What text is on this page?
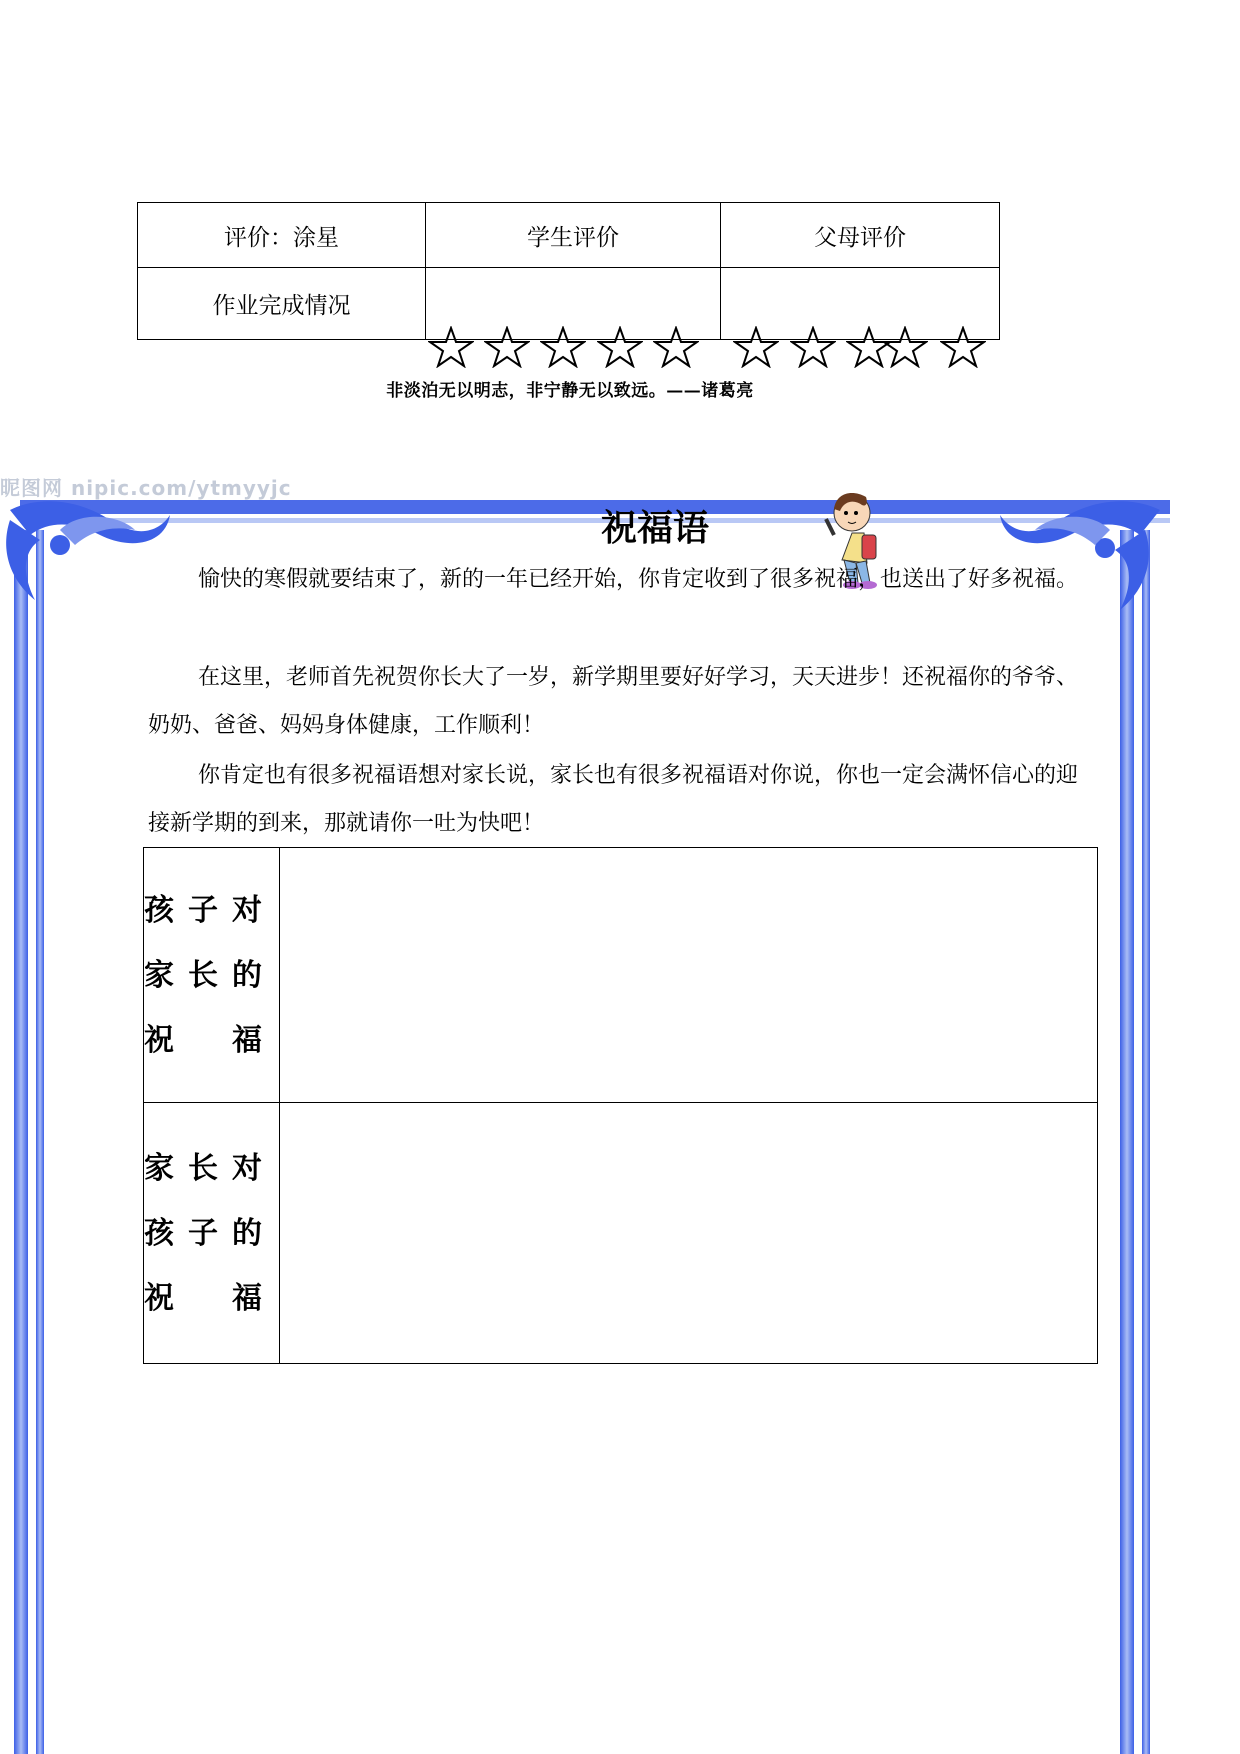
评价：涂星	学生评价	父母评价
作业完成情况		
非淡泊无以明志，非宁静无以致远。——诸葛亮
昵图网 nipic.com/ytmyyjc
祝福语

愉快的寒假就要结束了，新的一年已经开始，你肯定收到了很多祝福，也送出了好多祝福。

在这里，老师首先祝贺你长大了一岁，新学期里要好好学习，天天进步！还祝福你的爷爷、奶奶、爸爸、妈妈身体健康，工作顺利！

你肯定也有很多祝福语想对家长说，家长也有很多祝福语对你说，你也一定会满怀信心的迎接新学期的到来，那就请你一吐为快吧！

孩子对
家长的
祝　福	

家长对
孩子的
祝　福	
